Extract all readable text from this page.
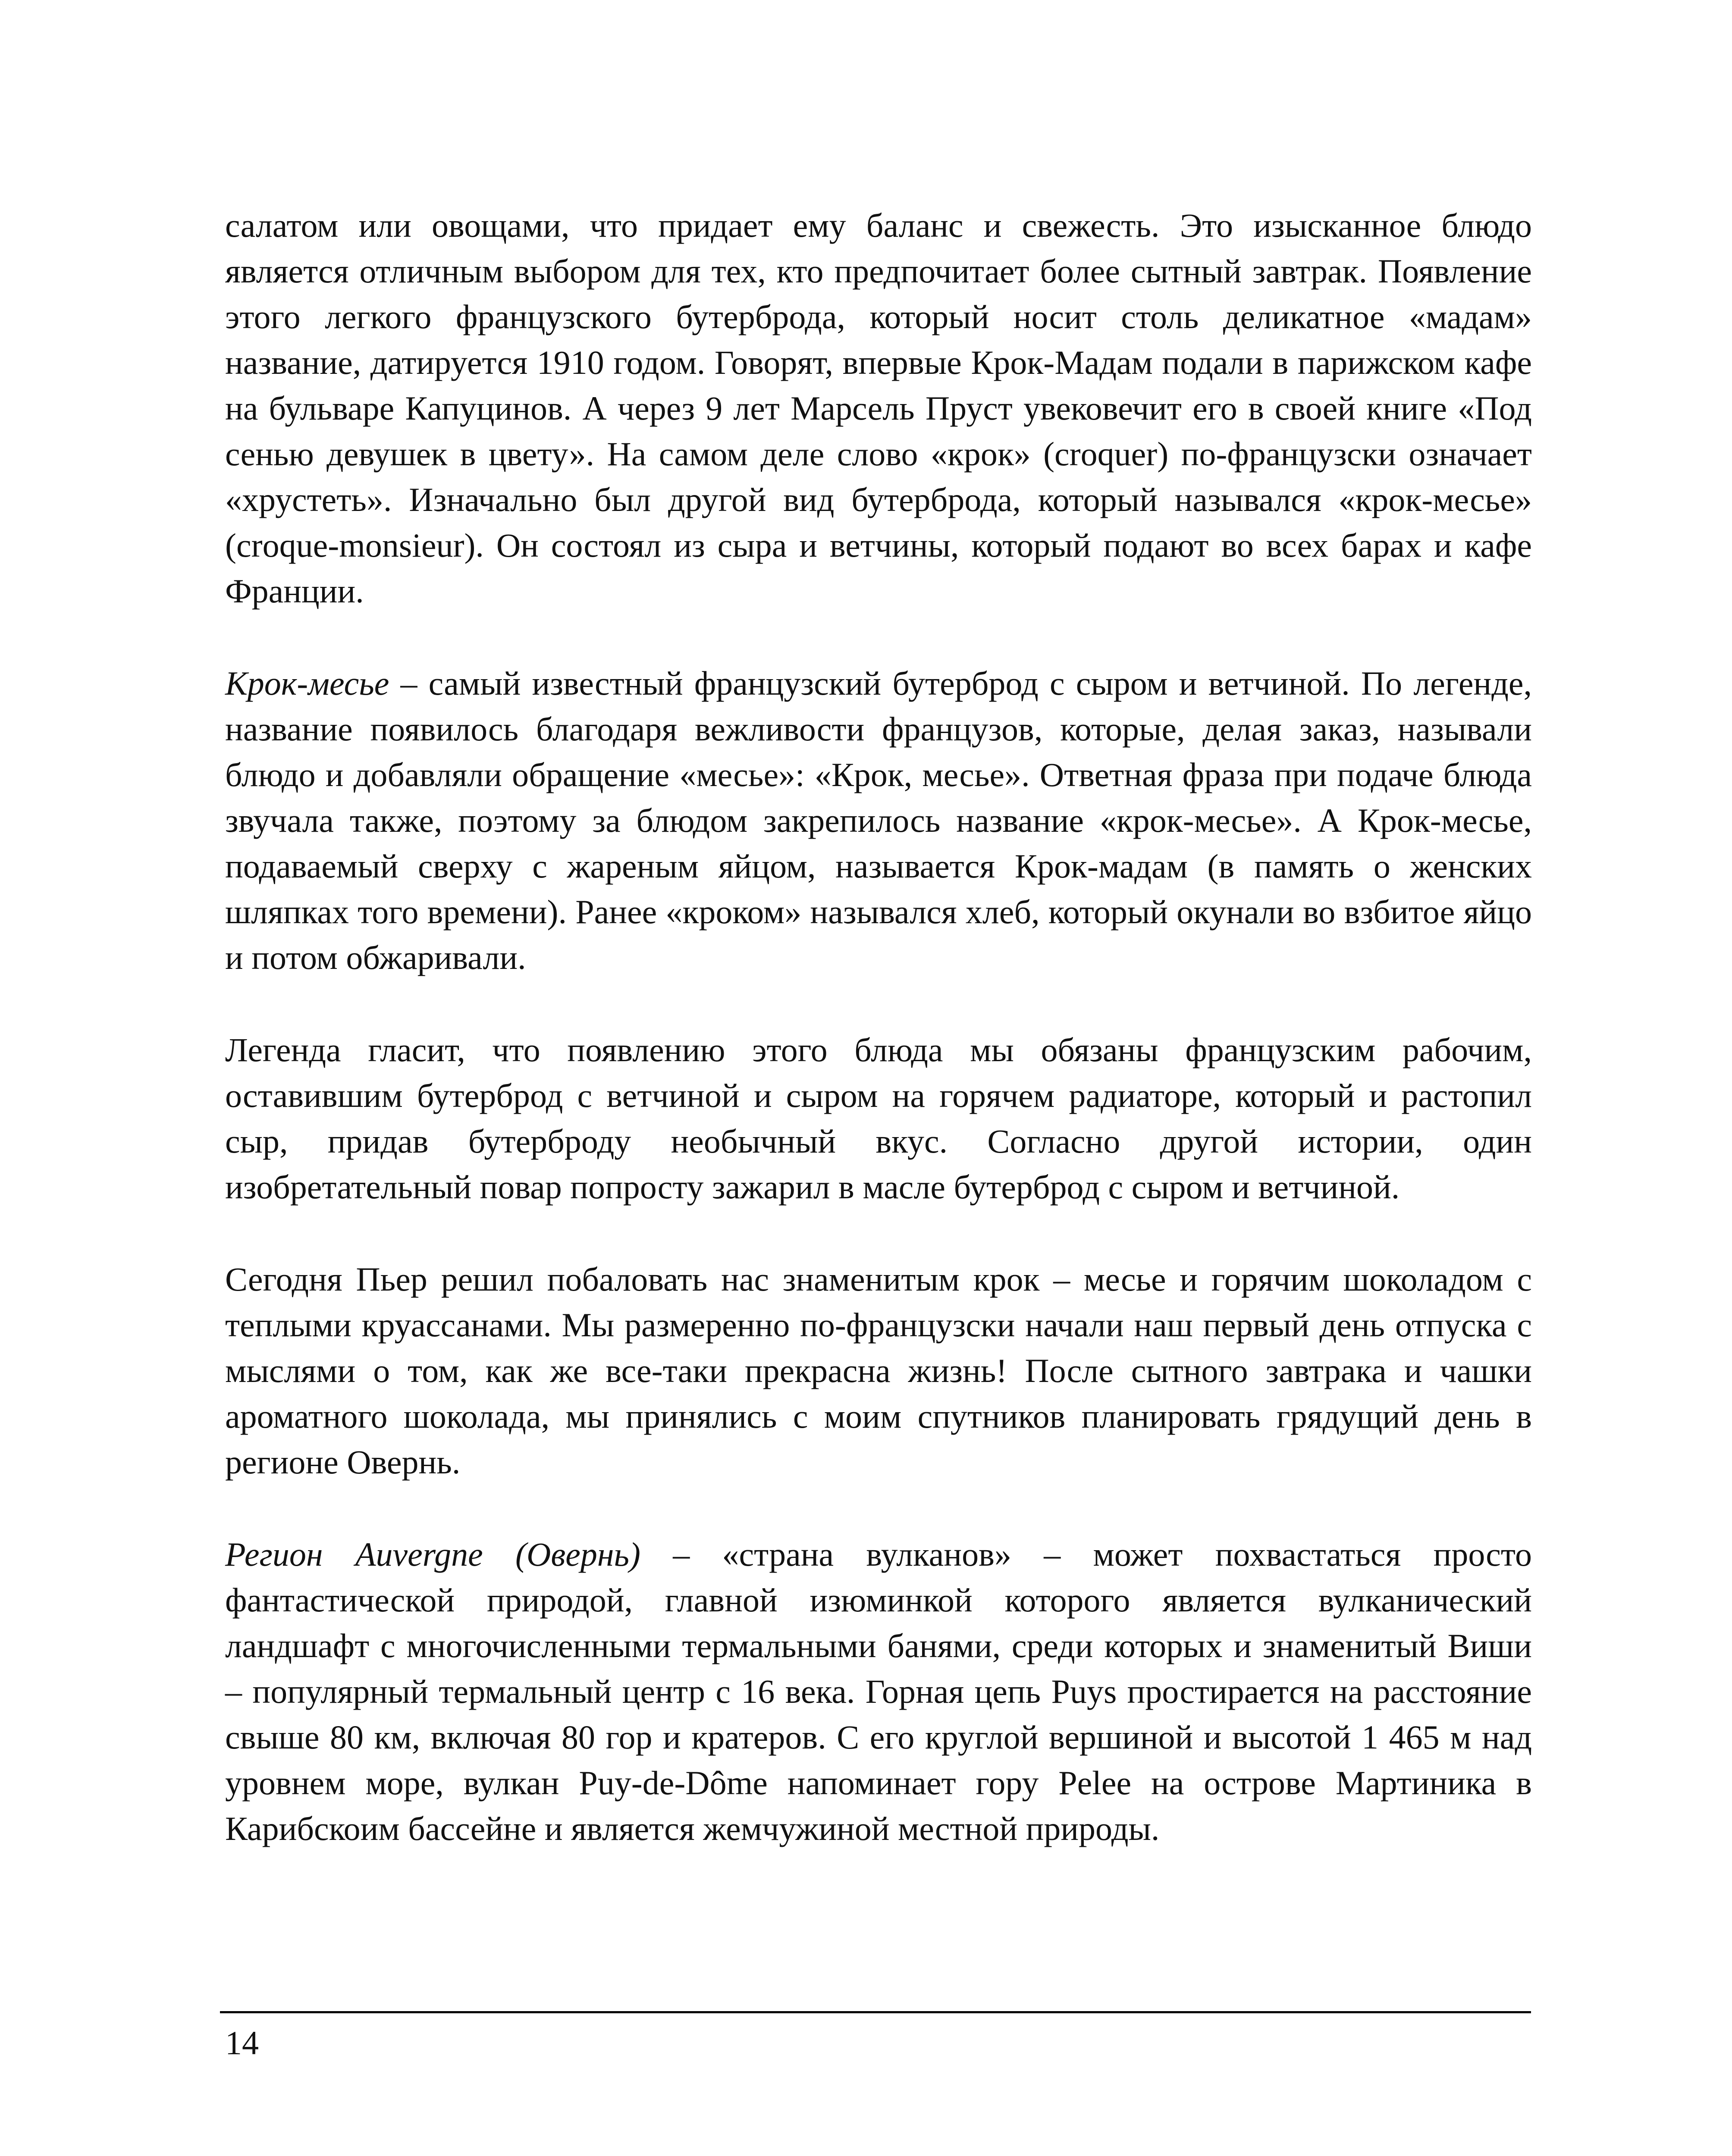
салатом или овощами, что придает ему баланс и свежесть. Это изысканное блюдо является отличным выбором для тех, кто предпочитает более сытный завтрак. Появление этого легкого французского бутерброда, который носит столь деликатное «мадам» название, датируется 1910 годом. Говорят, впервые Крок-Мадам подали в парижском кафе на бульваре Капуцинов. А через 9 лет Марсель Пруст увековечит его в своей книге «Под сенью девушек в цвету». На самом деле слово «крок» (croquer) по-французски означает «хрустеть». Изначально был другой вид бутерброда, который назывался «крок-месье» (croque-monsieur). Он состоял из сыра и ветчины, который подают во всех барах и кафе Франции.

Крок-месье – самый известный французский бутерброд с сыром и ветчиной. По легенде, название появилось благодаря вежливости французов, которые, делая заказ, называли блюдо и добавляли обращение «месье»: «Крок, месье». Ответная фраза при подаче блюда звучала также, поэтому за блюдом закрепилось название «крок-месье». А Крок-месье, подаваемый сверху с жареным яйцом, называется Крок-мадам (в память о женских шляпках того времени). Ранее «кроком» назывался хлеб, который окунали во взбитое яйцо и потом обжаривали.

Легенда гласит, что появлению этого блюда мы обязаны французским рабочим, оставившим бутерброд с ветчиной и сыром на горячем радиаторе, который и растопил сыр, придав бутерброду необычный вкус. Согласно другой истории, один изобретательный повар попросту зажарил в масле бутерброд с сыром и ветчиной.

Сегодня Пьер решил побаловать нас знаменитым крок – месье и горячим шоколадом с теплыми круассанами. Мы размеренно по-французски начали наш первый день отпуска с мыслями о том, как же все-таки прекрасна жизнь! После сытного завтрака и чашки ароматного шоколада, мы принялись с моим спутников планировать грядущий день в регионе Овернь.

Регион Auvergne (Овернь) – «страна вулканов» – может похвастаться просто фантастической природой, главной изюминкой которого является вулканический ландшафт с многочисленными термальными банями, среди которых и знаменитый Виши – популярный термальный центр с 16 века. Горная цепь Puys простирается на расстояние свыше 80 км, включая 80 гор и кратеров. С его круглой вершиной и высотой 1 465 м над уровнем море, вулкан Puy-de-Dôme напоминает гору Pelee на острове Мартиника в Карибскоим бассейне и является жемчужиной местной природы.

14
